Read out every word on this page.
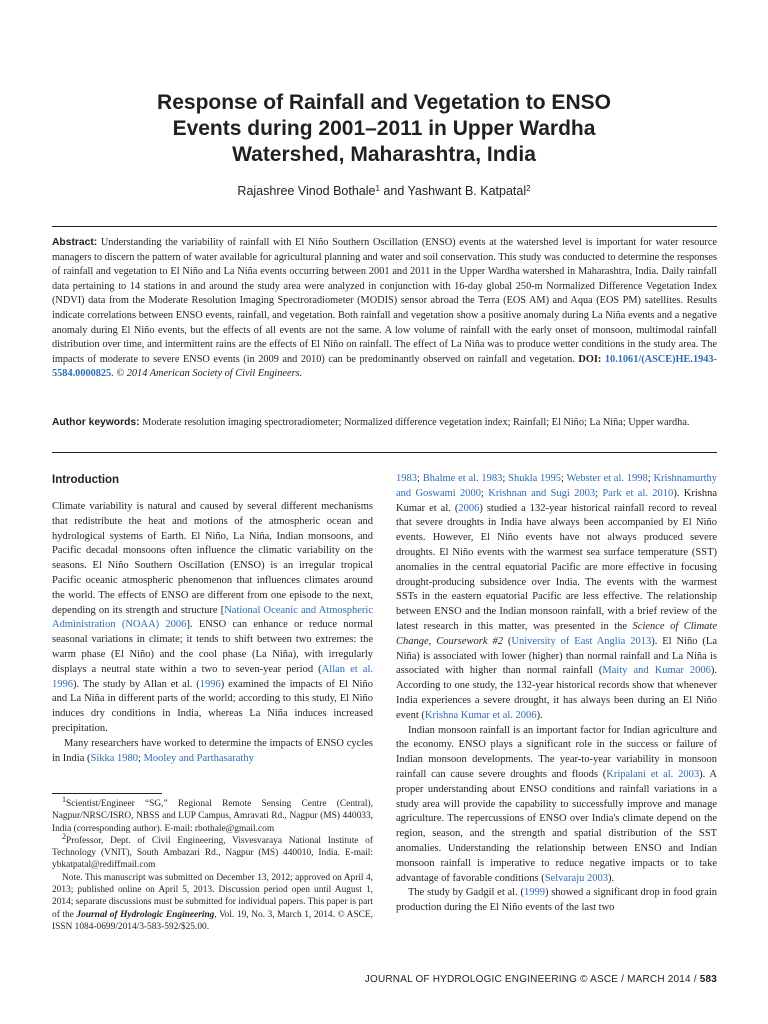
Response of Rainfall and Vegetation to ENSO
Events during 2001–2011 in Upper Wardha
Watershed, Maharashtra, India
Rajashree Vinod Bothale$^1$ and Yashwant B. Katpatal$^2$
Abstract: Understanding the variability of rainfall with El Niño Southern Oscillation (ENSO) events at the watershed level is important for water resource managers to discern the pattern of water available for agricultural planning and water and soil conservation. This study was conducted to determine the responses of rainfall and vegetation to El Niño and La Niña events occurring between 2001 and 2011 in the Upper Wardha watershed in Maharashtra, India. Daily rainfall data pertaining to 14 stations in and around the study area were analyzed in conjunction with 16-day global 250-m Normalized Difference Vegetation Index (NDVI) data from the Moderate Resolution Imaging Spectroradiometer (MODIS) sensor abroad the Terra (EOS AM) and Aqua (EOS PM) satellites. Results indicate correlations between ENSO events, rainfall, and vegetation. Both rainfall and vegetation show a positive anomaly during La Niña events and a negative anomaly during El Niño events, but the effects of all events are not the same. A low volume of rainfall with the early onset of monsoon, multimodal rainfall distribution over time, and intermittent rains are the effects of El Niño on rainfall. The effect of La Niña was to produce wetter conditions in the study area. The impacts of moderate to severe ENSO events (in 2009 and 2010) can be predominantly observed on rainfall and vegetation. DOI: 10.1061/(ASCE)HE.1943-5584.0000825. © 2014 American Society of Civil Engineers.
Author keywords: Moderate resolution imaging spectroradiometer; Normalized difference vegetation index; Rainfall; El Niño; La Niña; Upper wardha.
Introduction

Climate variability is natural and caused by several different mechanisms that redistribute the heat and motions of the atmospheric ocean and hydrological systems of Earth. El Niño, La Niña, Indian monsoons, and Pacific decadal monsoons often influence the climatic variability on the seasons. El Niño Southern Oscillation (ENSO) is an irregular tropical Pacific oceanic atmospheric phenomenon that influences climates around the world. The effects of ENSO are different from one episode to the next, depending on its strength and structure [National Oceanic and Atmospheric Administration (NOAA) 2006]. ENSO can enhance or reduce normal seasonal variations in climate; it tends to shift between two extremes: the warm phase (El Niño) and the cool phase (La Niña), with irregularly displays a neutral state within a two to seven-year period (Allan et al. 1996). The study by Allan et al. (1996) examined the impacts of El Niño and La Niña in different parts of the world; according to this study, El Niño induces dry conditions in India, whereas La Niña induces increased precipitation.

Many researchers have worked to determine the impacts of ENSO cycles in India (Sikka 1980; Mooley and Parthasarathy

$^1$Scientist/Engineer “SG,” Regional Remote Sensing Centre (Central), Nagpur/NRSC/ISRO, NBSS and LUP Campus, Amravati Rd., Nagpur (MS) 440033, India (corresponding author). E-mail: rbothale@gmail.com

$^2$Professor, Dept. of Civil Engineering, Visvesvaraya National Institute of Technology (VNIT), South Ambazari Rd., Nagpur (MS) 440010, India. E-mail: ybkatpatal@rediffmail.com

Note. This manuscript was submitted on December 13, 2012; approved on April 4, 2013; published online on April 5, 2013. Discussion period open until August 1, 2014; separate discussions must be submitted for individual papers. This paper is part of the Journal of Hydrologic Engineering, Vol. 19, No. 3, March 1, 2014. © ASCE, ISSN 1084-0699/2014/3-583-592/$25.00.

1983; Bhalme et al. 1983; Shukla 1995; Webster et al. 1998; Krishnamurthy and Goswami 2000; Krishnan and Sugi 2003; Park et al. 2010). Krishna Kumar et al. (2006) studied a 132-year historical rainfall record to reveal that severe droughts in India have always been accompanied by El Niño events. However, El Niño events have not always produced severe droughts. El Niño events with the warmest sea surface temperature (SST) anomalies in the central equatorial Pacific are more effective in focusing drought-producing subsidence over India. The events with the warmest SSTs in the eastern equatorial Pacific are less effective. The relationship between ENSO and the Indian monsoon rainfall, with a brief review of the latest research in this matter, was presented in the Science of Climate Change, Coursework #2 (University of East Anglia 2013). El Niño (La Niña) is associated with lower (higher) than normal rainfall and La Niña is associated with higher than normal rainfall (Maity and Kumar 2006). According to one study, the 132-year historical records show that whenever India experiences a severe drought, it has always been during an El Niño event (Krishna Kumar et al. 2006).

Indian monsoon rainfall is an important factor for Indian agriculture and the economy. ENSO plays a significant role in the success or failure of Indian monsoon developments. The year-to-year variability in monsoon rainfall can cause severe droughts and floods (Kripalani et al. 2003). A proper understanding about ENSO conditions and rainfall variations in a study area will provide the capability to successfully improve and manage agriculture. The repercussions of ENSO over India's climate depend on the region, season, and the strength and spatial distribution of the SST anomalies. Understanding the relationship between ENSO and Indian monsoon rainfall is imperative to reduce negative impacts or to take advantage of favorable conditions (Selvaraju 2003).

The study by Gadgil et al. (1999) showed a significant drop in food grain production during the El Niño events of the last two

JOURNAL OF HYDROLOGIC ENGINEERING © ASCE / MARCH 2014 / 583
